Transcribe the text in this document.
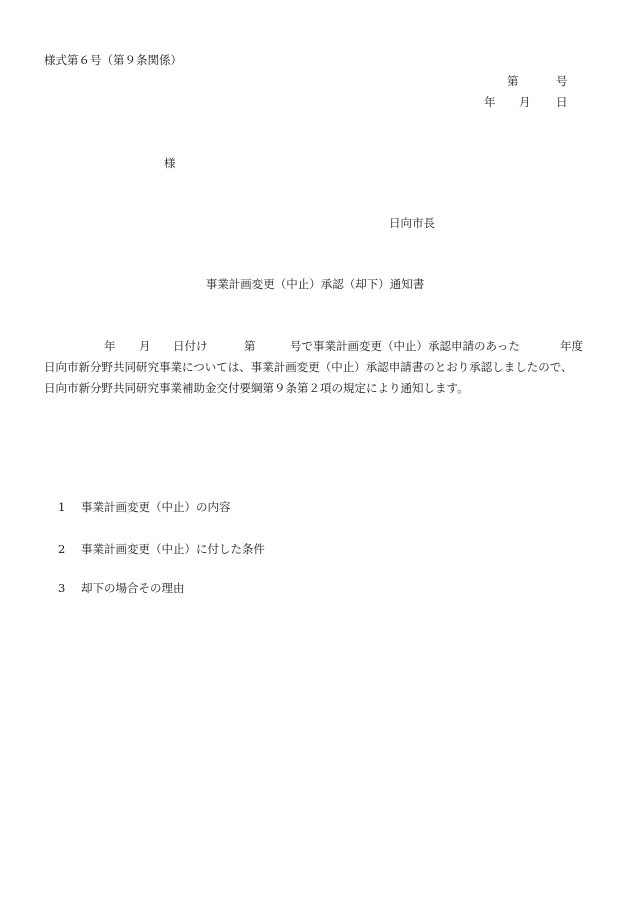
様式第６号（第９条関係）
第	号
年 月 日
様
日向市長
事業計画変更（中止）承認（却下）通知書
年 月 日付け	第	号で事業計画変更（中止）承認申請のあった	年度
日向市新分野共同研究事業については、事業計画変更（中止）承認申請書のとおり承認しましたので、
日向市新分野共同研究事業補助金交付要綱第９条第２項の規定により通知します。
1 事業計画変更（中止）の内容
2 事業計画変更（中止）に付した条件
3 却下の場合その理由
